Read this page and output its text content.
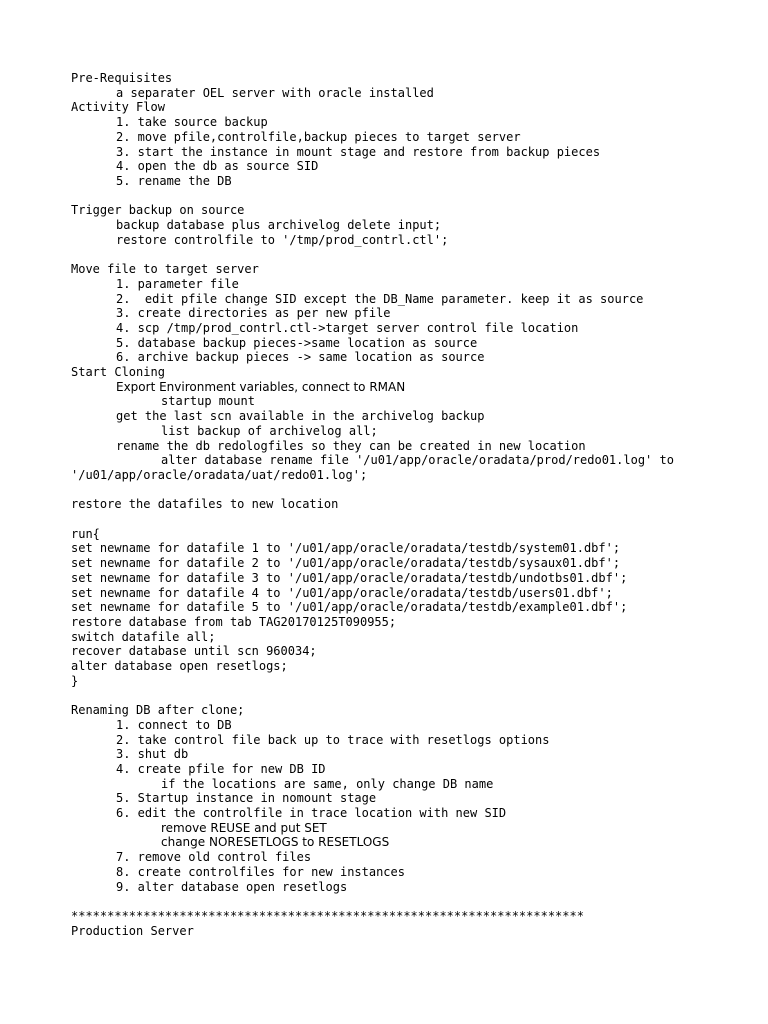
Pre-Requisites
a separater OEL server with oracle installed
Activity Flow
1. take source backup
2. move pfile,controlfile,backup pieces to target server
3. start the instance in mount stage and restore from backup pieces
4. open the db as source SID
5. rename the DB
Trigger backup on source
backup database plus archivelog delete input;
restore controlfile to '/tmp/prod_contrl.ctl';
Move file to target server
1. parameter file
2.  edit pfile change SID except the DB_Name parameter. keep it as source
3. create directories as per new pfile
4. scp /tmp/prod_contrl.ctl->target server control file location
5. database backup pieces->same location as source
6. archive backup pieces -> same location as source
Start Cloning
Export Environment variables, connect to RMAN
startup mount
get the last scn available in the archivelog backup
list backup of archivelog all;
rename the db redologfiles so they can be created in new location
alter database rename file '/u01/app/oracle/oradata/prod/redo01.log' to
'/u01/app/oracle/oradata/uat/redo01.log';
restore the datafiles to new location
run{
set newname for datafile 1 to '/u01/app/oracle/oradata/testdb/system01.dbf';
set newname for datafile 2 to '/u01/app/oracle/oradata/testdb/sysaux01.dbf';
set newname for datafile 3 to '/u01/app/oracle/oradata/testdb/undotbs01.dbf';
set newname for datafile 4 to '/u01/app/oracle/oradata/testdb/users01.dbf';
set newname for datafile 5 to '/u01/app/oracle/oradata/testdb/example01.dbf';
restore database from tab TAG20170125T090955;
switch datafile all;
recover database until scn 960034;
alter database open resetlogs;
}
Renaming DB after clone;
1. connect to DB
2. take control file back up to trace with resetlogs options
3. shut db
4. create pfile for new DB ID
if the locations are same, only change DB name
5. Startup instance in nomount stage
6. edit the controlfile in trace location with new SID
remove REUSE and put SET
change NORESETLOGS to RESETLOGS
7. remove old control files
8. create controlfiles for new instances
9. alter database open resetlogs
***********************************************************************
Production Server
